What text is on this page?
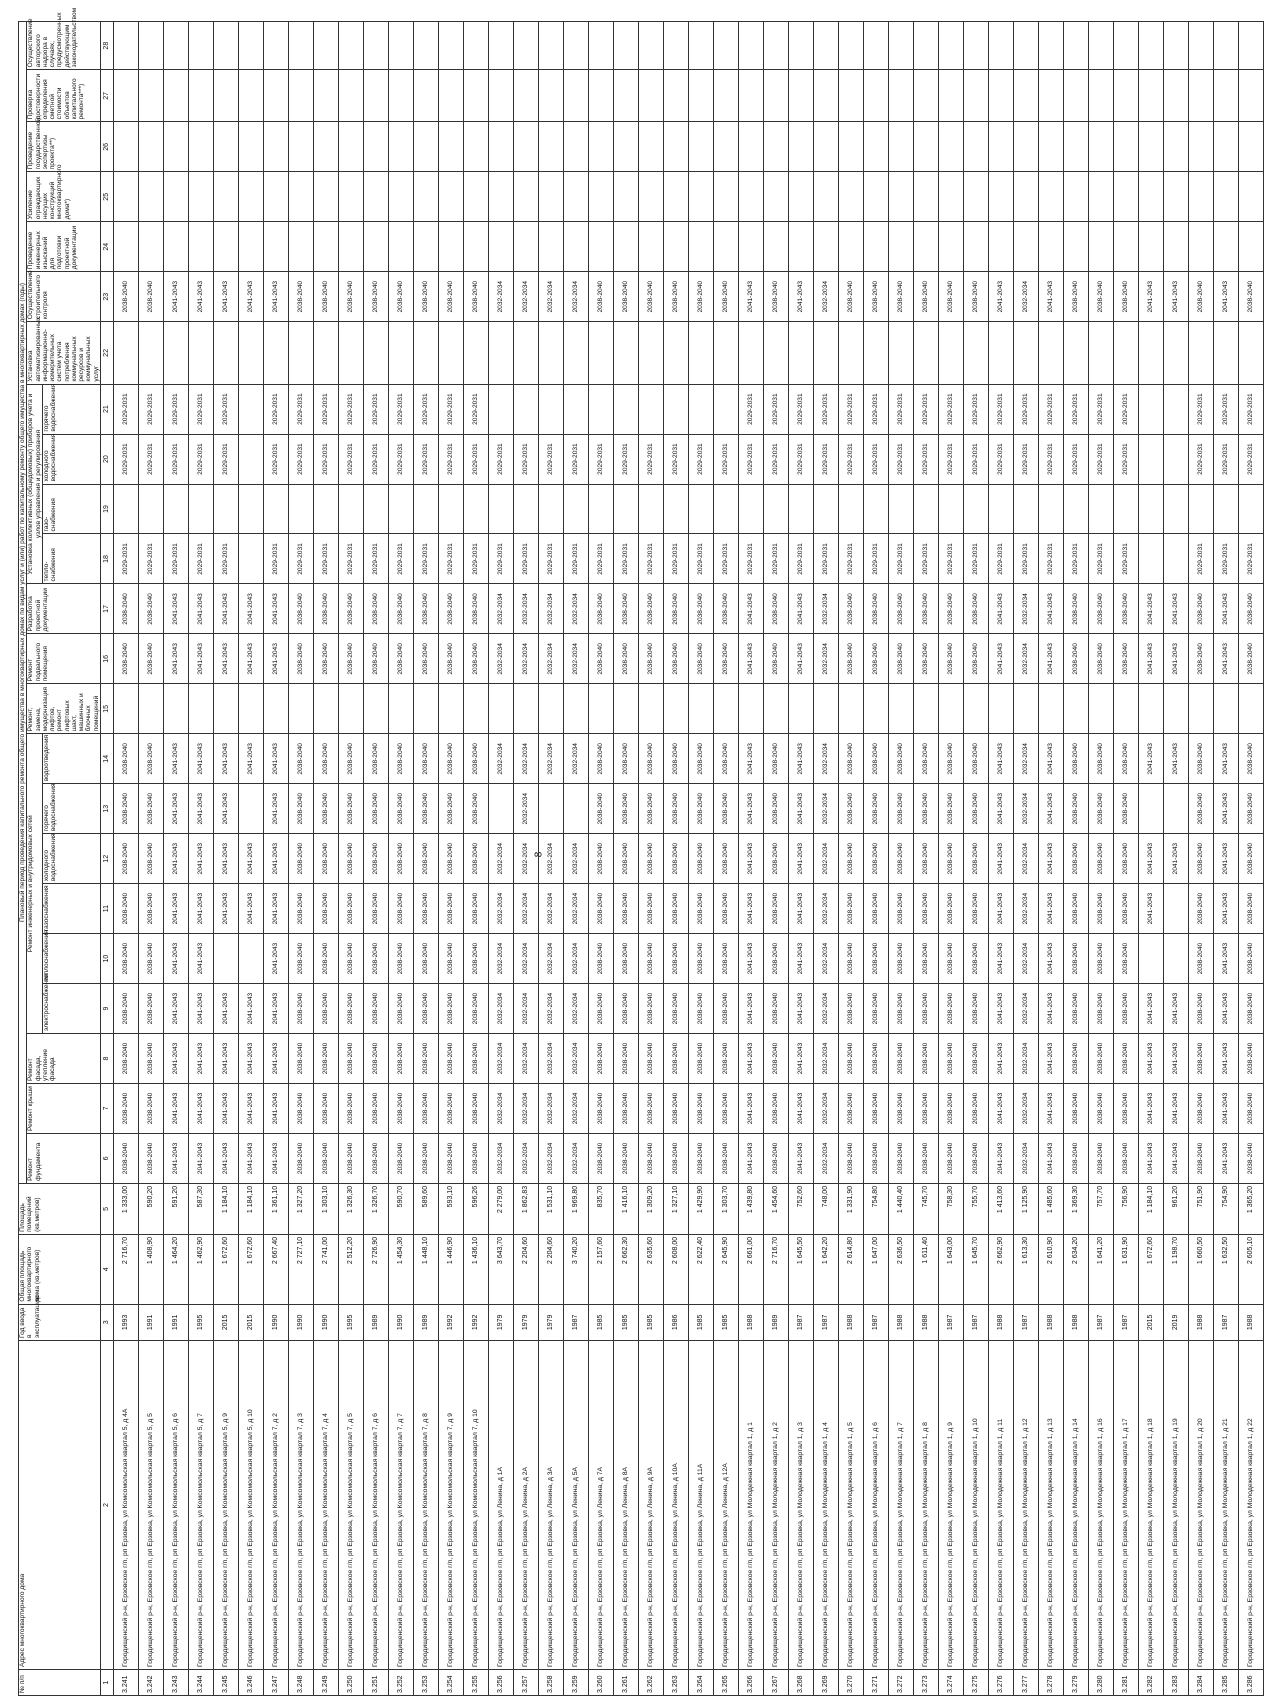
8
№ п/п	Адрес многоквартирного дома	Год ввода в эксплуатацию	Общая площадь многоквартирного дома (кв.метров)	Площадь помещений (кв.метров)	Плановый период проведения капитального ремонта общего имущества в многоквартирных домах по видам услуг и (или) работ по капитальному ремонту общего имущества в многоквартирных домах (годы)																						
					Ремонт фундамента	Ремонт крыши	Ремонт фасада, утепление фасада	Ремонт инженерных и внутридомовых сетей						Ремонт, замена, модернизация лифтов, ремонт лифтовых шахт, машинных и блочных помещений	Ремонт подвального помещения	Разработка проектной документации	Установка коллективных (общедомовых) приборов учета и узлов управления и регулирования				Установка автоматизированных информационно-измерительных систем учета потребления коммунальных ресурсов и коммунальных услуг	Осуществление строительного контроля	Проведение инженерных изысканий для подготовки проектной документации	Усиление ограждающих несущих конструкций многоквартирного дома*)	Проведение государственной экспертизы проекта**)	Проверка достоверности определения сметной стоимости объектов капитального ремонта***)	Осуществление авторского надзора в случаях, предусмотренных действующим законодательством
								электроснабжения	теплоснабжения	газоснабжения	холодного водоснабжения	горячего водоснабжения	водоотведения				тепло-снабжения	газо-снабжения	холодного водоснабжения	горячего водоснабжения							

1	2	3	4	5	6	7	8	9	10	11	12	13	14	15	16	17	18	19	20	21	22	23	24	25	26	27	28
3.241	Городищенский р-н, Ерзовское г/п, рп Ерзовка, ул Комсомольская квартал 5, д 4А	1993	2 716,70	1 333,00	2038-2040	2038-2040	2038-2040	2038-2040	2038-2040	2038-2040	2038-2040	2038-2040	2038-2040		2038-2040	2038-2040	2029-2031		2029-2031	2029-2031		2038-2040					
3.242	Городищенский р-н, Ерзовское г/п, рп Ерзовка, ул Комсомольская квартал 5, д 5	1991	1 408,90	590,20	2038-2040	2038-2040	2038-2040	2038-2040	2038-2040	2038-2040	2038-2040	2038-2040	2038-2040		2038-2040	2038-2040	2029-2031		2029-2031	2029-2031		2038-2040					
3.243	Городищенский р-н, Ерзовское г/п, рп Ерзовка, ул Комсомольская квартал 5, д 6	1991	1 464,20	591,20	2041-2043	2041-2043	2041-2043	2041-2043	2041-2043	2041-2043	2041-2043	2041-2043	2041-2043		2041-2043	2041-2043	2029-2031		2029-2031	2029-2031		2041-2043					
3.244	Городищенский р-н, Ерзовское г/п, рп Ерзовка, ул Комсомольская квартал 5, д 7	1995	1 462,90	587,30	2041-2043	2041-2043	2041-2043	2041-2043	2041-2043	2041-2043	2041-2043	2041-2043	2041-2043		2041-2043	2041-2043	2029-2031		2029-2031	2029-2031		2041-2043					
3.245	Городищенский р-н, Ерзовское г/п, рп Ерзовка, ул Комсомольская квартал 5, д 9	2015	1 672,60	1 184,10	2041-2043	2041-2043	2041-2043	2041-2043		2041-2043	2041-2043	2041-2043	2041-2043		2041-2043	2041-2043	2029-2031		2029-2031	2029-2031		2041-2043					
3.246	Городищенский р-н, Ерзовское г/п, рп Ерзовка, ул Комсомольская квартал 5, д 10	2015	1 672,60	1 184,10	2041-2043	2041-2043	2041-2043	2041-2043		2041-2043	2041-2043		2041-2043		2041-2043	2041-2043						2041-2043					
3.247	Городищенский р-н, Ерзовское г/п, рп Ерзовка, ул Комсомольская квартал 7, д 2	1990	2 667,40	1 361,10	2041-2043	2041-2043	2041-2043	2041-2043	2041-2043	2041-2043	2041-2043	2041-2043	2041-2043		2041-2043	2041-2043	2029-2031		2029-2031	2029-2031		2041-2043					
3.248	Городищенский р-н, Ерзовское г/п, рп Ерзовка, ул Комсомольская квартал 7, д 3	1990	2 727,10	1 327,20	2038-2040	2038-2040	2038-2040	2038-2040	2038-2040	2038-2040	2038-2040	2038-2040	2038-2040		2038-2040	2038-2040	2029-2031		2029-2031	2029-2031		2038-2040					
3.249	Городищенский р-н, Ерзовское г/п, рп Ерзовка, ул Комсомольская квартал 7, д 4	1990	2 741,00	1 303,10	2038-2040	2038-2040	2038-2040	2038-2040	2038-2040	2038-2040	2038-2040	2038-2040	2038-2040		2038-2040	2038-2040	2029-2031		2029-2031	2029-2031		2038-2040					
3.250	Городищенский р-н, Ерзовское г/п, рп Ерзовка, ул Комсомольская квартал 7, д 5	1995	2 512,20	1 326,30	2038-2040	2038-2040	2038-2040	2038-2040	2038-2040	2038-2040	2038-2040	2038-2040	2038-2040		2038-2040	2038-2040	2029-2031		2029-2031	2029-2031		2038-2040					
3.251	Городищенский р-н, Ерзовское г/п, рп Ерзовка, ул Комсомольская квартал 7, д 6	1989	2 726,90	1 326,70	2038-2040	2038-2040	2038-2040	2038-2040	2038-2040	2038-2040	2038-2040	2038-2040	2038-2040		2038-2040	2038-2040	2029-2031		2029-2031	2029-2031		2038-2040					
3.252	Городищенский р-н, Ерзовское г/п, рп Ерзовка, ул Комсомольская квартал 7, д 7	1990	1 454,30	590,70	2038-2040	2038-2040	2038-2040	2038-2040	2038-2040	2038-2040	2038-2040	2038-2040	2038-2040		2038-2040	2038-2040	2029-2031		2029-2031	2029-2031		2038-2040					
3.253	Городищенский р-н, Ерзовское г/п, рп Ерзовка, ул Комсомольская квартал 7, д 8	1989	1 448,10	589,60	2038-2040	2038-2040	2038-2040	2038-2040	2038-2040	2038-2040	2038-2040	2038-2040	2038-2040		2038-2040	2038-2040	2029-2031		2029-2031	2029-2031		2038-2040					
3.254	Городищенский р-н, Ерзовское г/п, рп Ерзовка, ул Комсомольская квартал 7, д 9	1992	1 446,90	593,10	2038-2040	2038-2040	2038-2040	2038-2040	2038-2040	2038-2040	2038-2040	2038-2040	2038-2040		2038-2040	2038-2040	2029-2031		2029-2031	2029-2031		2038-2040					
3.255	Городищенский р-н, Ерзовское г/п, рп Ерзовка, ул Комсомольская квартал 7, д 10	1992	1 436,10	596,26	2038-2040	2038-2040	2038-2040	2038-2040	2038-2040	2038-2040	2038-2040	2038-2040	2038-2040		2038-2040	2038-2040	2029-2031		2029-2031	2029-2031		2038-2040					
3.256	Городищенский р-н, Ерзовское г/п, рп Ерзовка, ул Ленина, д 1А	1979	3 643,70	2 279,00	2032-2034	2032-2034	2032-2034	2032-2034	2032-2034	2032-2034	2032-2034		2032-2034		2032-2034	2032-2034	2029-2031		2029-2031			2032-2034					
3.257	Городищенский р-н, Ерзовское г/п, рп Ерзовка, ул Ленина, д 2А	1979	2 204,60	1 862,83	2032-2034	2032-2034	2032-2034	2032-2034	2032-2034	2032-2034	2032-2034	2032-2034	2032-2034		2032-2034	2032-2034	2029-2031		2029-2031			2032-2034					
3.258	Городищенский р-н, Ерзовское г/п, рп Ерзовка, ул Ленина, д 3А	1979	2 204,60	1 531,10	2032-2034	2032-2034	2032-2034	2032-2034	2032-2034	2032-2034	2032-2034		2032-2034		2032-2034	2032-2034	2029-2031		2029-2031			2032-2034					
3.259	Городищенский р-н, Ерзовское г/п, рп Ерзовка, ул Ленина, д 5А	1987	3 740,20	1 969,80	2032-2034	2032-2034	2032-2034	2032-2034	2032-2034	2032-2034	2032-2034		2032-2034		2032-2034	2032-2034	2029-2031		2029-2031			2032-2034					
3.260	Городищенский р-н, Ерзовское г/п, рп Ерзовка, ул Ленина, д 7А	1985	2 157,60	835,70	2038-2040	2038-2040	2038-2040	2038-2040	2038-2040	2038-2040	2038-2040	2038-2040	2038-2040		2038-2040	2038-2040	2029-2031		2029-2031			2038-2040					
3.261	Городищенский р-н, Ерзовское г/п, рп Ерзовка, ул Ленина, д 8А	1985	2 662,30	1 416,10	2038-2040	2038-2040	2038-2040	2038-2040	2038-2040	2038-2040	2038-2040	2038-2040	2038-2040		2038-2040	2038-2040	2029-2031		2029-2031			2038-2040					
3.262	Городищенский р-н, Ерзовское г/п, рп Ерзовка, ул Ленина, д 9А	1985	2 635,60	1 309,20	2038-2040	2038-2040	2038-2040	2038-2040	2038-2040	2038-2040	2038-2040	2038-2040	2038-2040		2038-2040	2038-2040	2029-2031		2029-2031			2038-2040					
3.263	Городищенский р-н, Ерзовское г/п, рп Ерзовка, ул Ленина, д 10А	1986	2 608,00	1 327,10	2038-2040	2038-2040	2038-2040	2038-2040	2038-2040	2038-2040	2038-2040	2038-2040	2038-2040		2038-2040	2038-2040	2029-2031		2029-2031			2038-2040					
3.264	Городищенский р-н, Ерзовское г/п, рп Ерзовка, ул Ленина, д 11А	1985	2 622,40	1 429,90	2038-2040	2038-2040	2038-2040	2038-2040	2038-2040	2038-2040	2038-2040	2038-2040	2038-2040		2038-2040	2038-2040	2029-2031		2029-2031			2038-2040					
3.265	Городищенский р-н, Ерзовское г/п, рп Ерзовка, ул Ленина, д 12А	1985	2 645,90	1 303,70	2038-2040	2038-2040	2038-2040	2038-2040	2038-2040	2038-2040	2038-2040	2038-2040	2038-2040		2038-2040	2038-2040	2029-2031		2029-2031			2038-2040					
3.266	Городищенский р-н, Ерзовское г/п, рп Ерзовка, ул Молодежная квартал 1, д 1	1988	2 661,00	1 439,80	2041-2043	2041-2043	2041-2043	2041-2043	2041-2043	2041-2043	2041-2043	2041-2043	2041-2043		2041-2043	2041-2043	2029-2031		2029-2031	2029-2031		2041-2043					
3.267	Городищенский р-н, Ерзовское г/п, рп Ерзовка, ул Молодежная квартал 1, д 2	1989	2 716,70	1 454,60	2038-2040	2038-2040	2038-2040	2038-2040	2038-2040	2038-2040	2038-2040	2038-2040	2038-2040		2038-2040	2038-2040	2029-2031		2029-2031	2029-2031		2038-2040					
3.268	Городищенский р-н, Ерзовское г/п, рп Ерзовка, ул Молодежная квартал 1, д 3	1987	1 645,50	752,60	2041-2043	2041-2043	2041-2043	2041-2043	2041-2043	2041-2043	2041-2043	2041-2043	2041-2043		2041-2043	2041-2043	2029-2031		2029-2031	2029-2031		2041-2043					
3.269	Городищенский р-н, Ерзовское г/п, рп Ерзовка, ул Молодежная квартал 1, д 4	1987	1 642,20	748,00	2032-2034	2032-2034	2032-2034	2032-2034	2032-2034	2032-2034	2032-2034	2032-2034	2032-2034		2032-2034	2032-2034	2029-2031		2029-2031	2029-2031		2032-2034					
3.270	Городищенский р-н, Ерзовское г/п, рп Ерзовка, ул Молодежная квартал 1, д 5	1988	2 614,80	1 331,90	2038-2040	2038-2040	2038-2040	2038-2040	2038-2040	2038-2040	2038-2040	2038-2040	2038-2040		2038-2040	2038-2040	2029-2031		2029-2031	2029-2031		2038-2040					
3.271	Городищенский р-н, Ерзовское г/п, рп Ерзовка, ул Молодежная квартал 1, д 6	1987	1 647,00	754,80	2038-2040	2038-2040	2038-2040	2038-2040	2038-2040	2038-2040	2038-2040	2038-2040	2038-2040		2038-2040	2038-2040	2029-2031		2029-2031	2029-2031		2038-2040					
3.272	Городищенский р-н, Ерзовское г/п, рп Ерзовка, ул Молодежная квартал 1, д 7	1988	2 636,50	1 440,40	2038-2040	2038-2040	2038-2040	2038-2040	2038-2040	2038-2040	2038-2040	2038-2040	2038-2040		2038-2040	2038-2040	2029-2031		2029-2031	2029-2031		2038-2040					
3.273	Городищенский р-н, Ерзовское г/п, рп Ерзовка, ул Молодежная квартал 1, д 8	1988	1 611,40	745,70	2038-2040	2038-2040	2038-2040	2038-2040	2038-2040	2038-2040	2038-2040	2038-2040	2038-2040		2038-2040	2038-2040	2029-2031		2029-2031	2029-2031		2038-2040					
3.274	Городищенский р-н, Ерзовское г/п, рп Ерзовка, ул Молодежная квартал 1, д 9	1987	1 643,00	758,30	2038-2040	2038-2040	2038-2040	2038-2040	2038-2040	2038-2040	2038-2040	2038-2040	2038-2040		2038-2040	2038-2040	2029-2031		2029-2031	2029-2031		2038-2040					
3.275	Городищенский р-н, Ерзовское г/п, рп Ерзовка, ул Молодежная квартал 1, д 10	1987	1 645,70	755,70	2038-2040	2038-2040	2038-2040	2038-2040	2038-2040	2038-2040	2038-2040	2038-2040	2038-2040		2038-2040	2038-2040	2029-2031		2029-2031	2029-2031		2038-2040					
3.276	Городищенский р-н, Ерзовское г/п, рп Ерзовка, ул Молодежная квартал 1, д 11	1988	2 662,90	1 413,60	2041-2043	2041-2043	2041-2043	2041-2043	2041-2043	2041-2043	2041-2043	2041-2043	2041-2043		2041-2043	2041-2043	2029-2031		2029-2031	2029-2031		2041-2043					
3.277	Городищенский р-н, Ерзовское г/п, рп Ерзовка, ул Молодежная квартал 1, д 12	1987	1 613,30	1 125,90	2032-2034	2032-2034	2032-2034	2032-2034	2032-2034	2032-2034	2032-2034	2032-2034	2032-2034		2032-2034	2032-2034	2029-2031		2029-2031	2029-2031		2032-2034					
3.278	Городищенский р-н, Ерзовское г/п, рп Ерзовка, ул Молодежная квартал 1, д 13	1988	2 610,90	1 485,60	2041-2043	2041-2043	2041-2043	2041-2043	2041-2043	2041-2043	2041-2043	2041-2043	2041-2043		2041-2043	2041-2043	2029-2031		2029-2031	2029-2031		2041-2043					
3.279	Городищенский р-н, Ерзовское г/п, рп Ерзовка, ул Молодежная квартал 1, д 14	1988	2 634,20	1 369,30	2038-2040	2038-2040	2038-2040	2038-2040	2038-2040	2038-2040	2038-2040	2038-2040	2038-2040		2038-2040	2038-2040	2029-2031		2029-2031	2029-2031		2038-2040					
3.280	Городищенский р-н, Ерзовское г/п, рп Ерзовка, ул Молодежная квартал 1, д 16	1987	1 641,20	757,70	2038-2040	2038-2040	2038-2040	2038-2040	2038-2040	2038-2040	2038-2040	2038-2040	2038-2040		2038-2040	2038-2040	2029-2031		2029-2031	2029-2031		2038-2040					
3.281	Городищенский р-н, Ерзовское г/п, рп Ерзовка, ул Молодежная квартал 1, д 17	1987	1 631,90	756,90	2038-2040	2038-2040	2038-2040	2038-2040	2038-2040	2038-2040	2038-2040	2038-2040	2038-2040		2038-2040	2038-2040	2029-2031		2029-2031	2029-2031		2038-2040					
3.282	Городищенский р-н, Ерзовское г/п, рп Ерзовка, ул Молодежная квартал 1, д 18	2015	1 672,60	1 184,10	2041-2043	2041-2043	2041-2043	2041-2043		2041-2043	2041-2043		2041-2043		2041-2043	2041-2043						2041-2043					
3.283	Городищенский р-н, Ерзовское г/п, рп Ерзовка, ул Молодежная квартал 1, д 19	2019	1 198,70	961,20	2041-2043	2041-2043	2041-2043	2041-2043			2041-2043		2041-2043		2041-2043	2041-2043						2041-2043					
3.284	Городищенский р-н, Ерзовское г/п, рп Ерзовка, ул Молодежная квартал 1, д 20	1988	1 660,50	751,90	2038-2040	2038-2040	2038-2040	2038-2040	2038-2040	2038-2040	2038-2040	2038-2040	2038-2040		2038-2040	2038-2040	2029-2031		2029-2031	2029-2031		2038-2040					
3.285	Городищенский р-н, Ерзовское г/п, рп Ерзовка, ул Молодежная квартал 1, д 21	1987	1 632,50	754,90	2041-2043	2041-2043	2041-2043	2041-2043	2041-2043	2041-2043	2041-2043	2041-2043	2041-2043		2041-2043	2041-2043	2029-2031		2029-2031	2029-2031		2041-2043					
3.286	Городищенский р-н, Ерзовское г/п, рп Ерзовка, ул Молодежная квартал 1, д 22	1988	2 605,10	1 365,20	2038-2040	2038-2040	2038-2040	2038-2040	2038-2040	2038-2040	2038-2040	2038-2040	2038-2040		2038-2040	2038-2040	2029-2031		2029-2031	2029-2031		2038-2040					
